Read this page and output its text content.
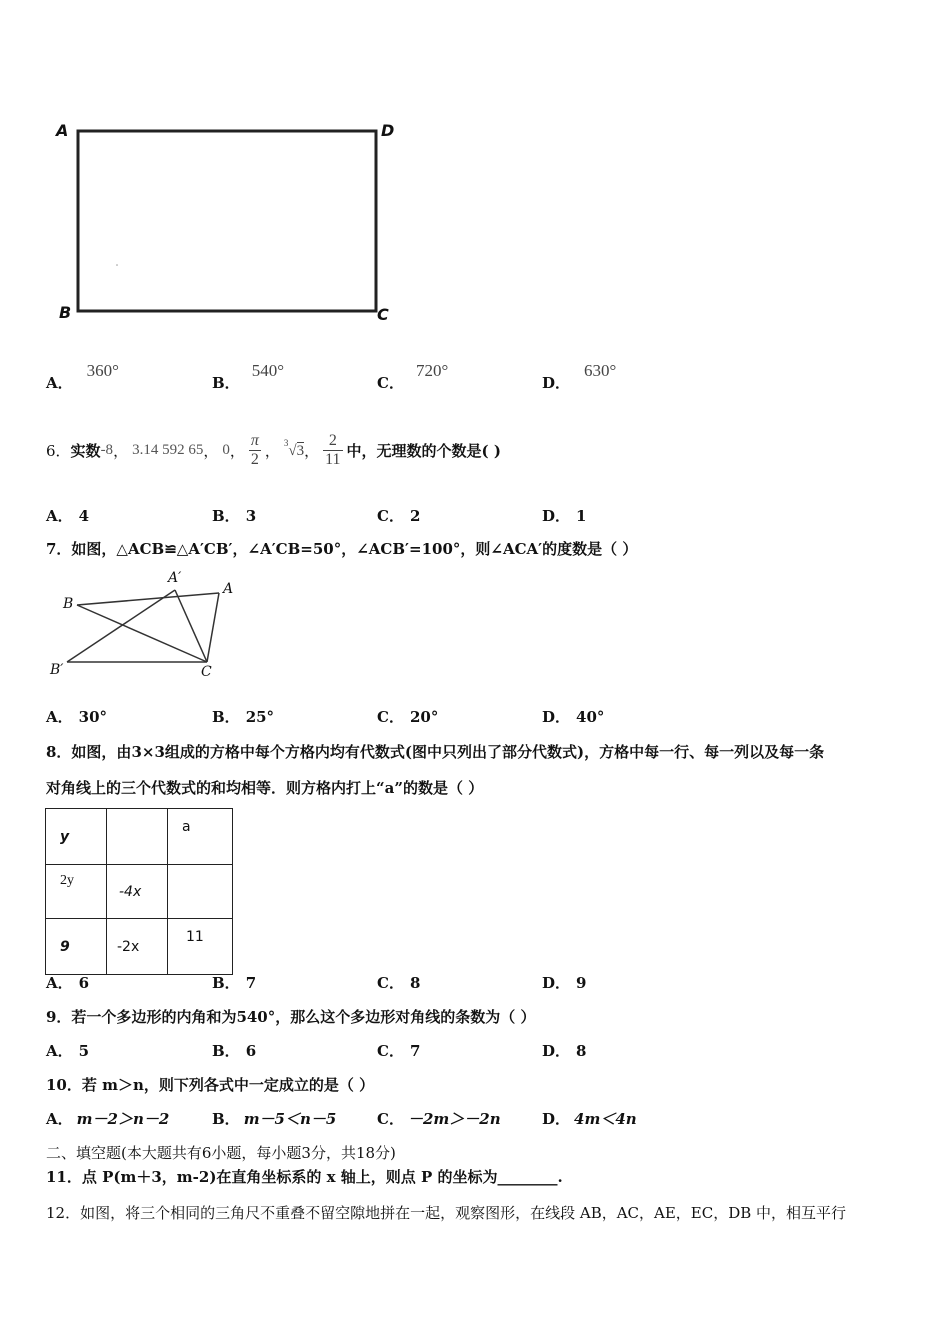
A	D
B	C
A．360°
B．540°
C．720°
D．630°
6． 实数 -8 ， 3.14 592 65 ， 0 ， $\frac{\pi}{2}$ ， $^3$√3 ， $\frac{2}{11}$ 中，无理数的个数是( )
A． 4	B． 3	C． 2	D． 1
7．如图，△ACB≌△A′CB′，∠A′CB=50°，∠ACB′=100°，则∠ACA′的度数是（ ）
B
A′
A
B′	C
A． 30°	B． 25°	C． 20°	D． 40°
8．如图，由3×3组成的方格中每个方格内均有代数式(图中只列出了部分代数式)，方格中每一行、每一列以及每一条
对角线上的三个代数式的和均相等．则方格内打上“a”的数是（ ）
y		a
2y	-4x	
9	-2x	11
A． 6	B． 7	C． 8	D． 9
9．若一个多边形的内角和为540°，那么这个多边形对角线的条数为（ ）
A． 5	B． 6	C． 7	D． 8
10．若 m＞n，则下列各式中一定成立的是（ ）
A． m－2＞n－2	B． m－5＜n－5	C． －2m＞－2n	D． 4m＜4n
二、填空题(本大题共有6小题，每小题3分，共18分)
11．点 P(m＋3，m-2)在直角坐标系的 x 轴上，则点 P 的坐标为________.
12．如图，将三个相同的三角尺不重叠不留空隙地拼在一起，观察图形，在线段 AB，AC，AE，EC，DB 中，相互平行
